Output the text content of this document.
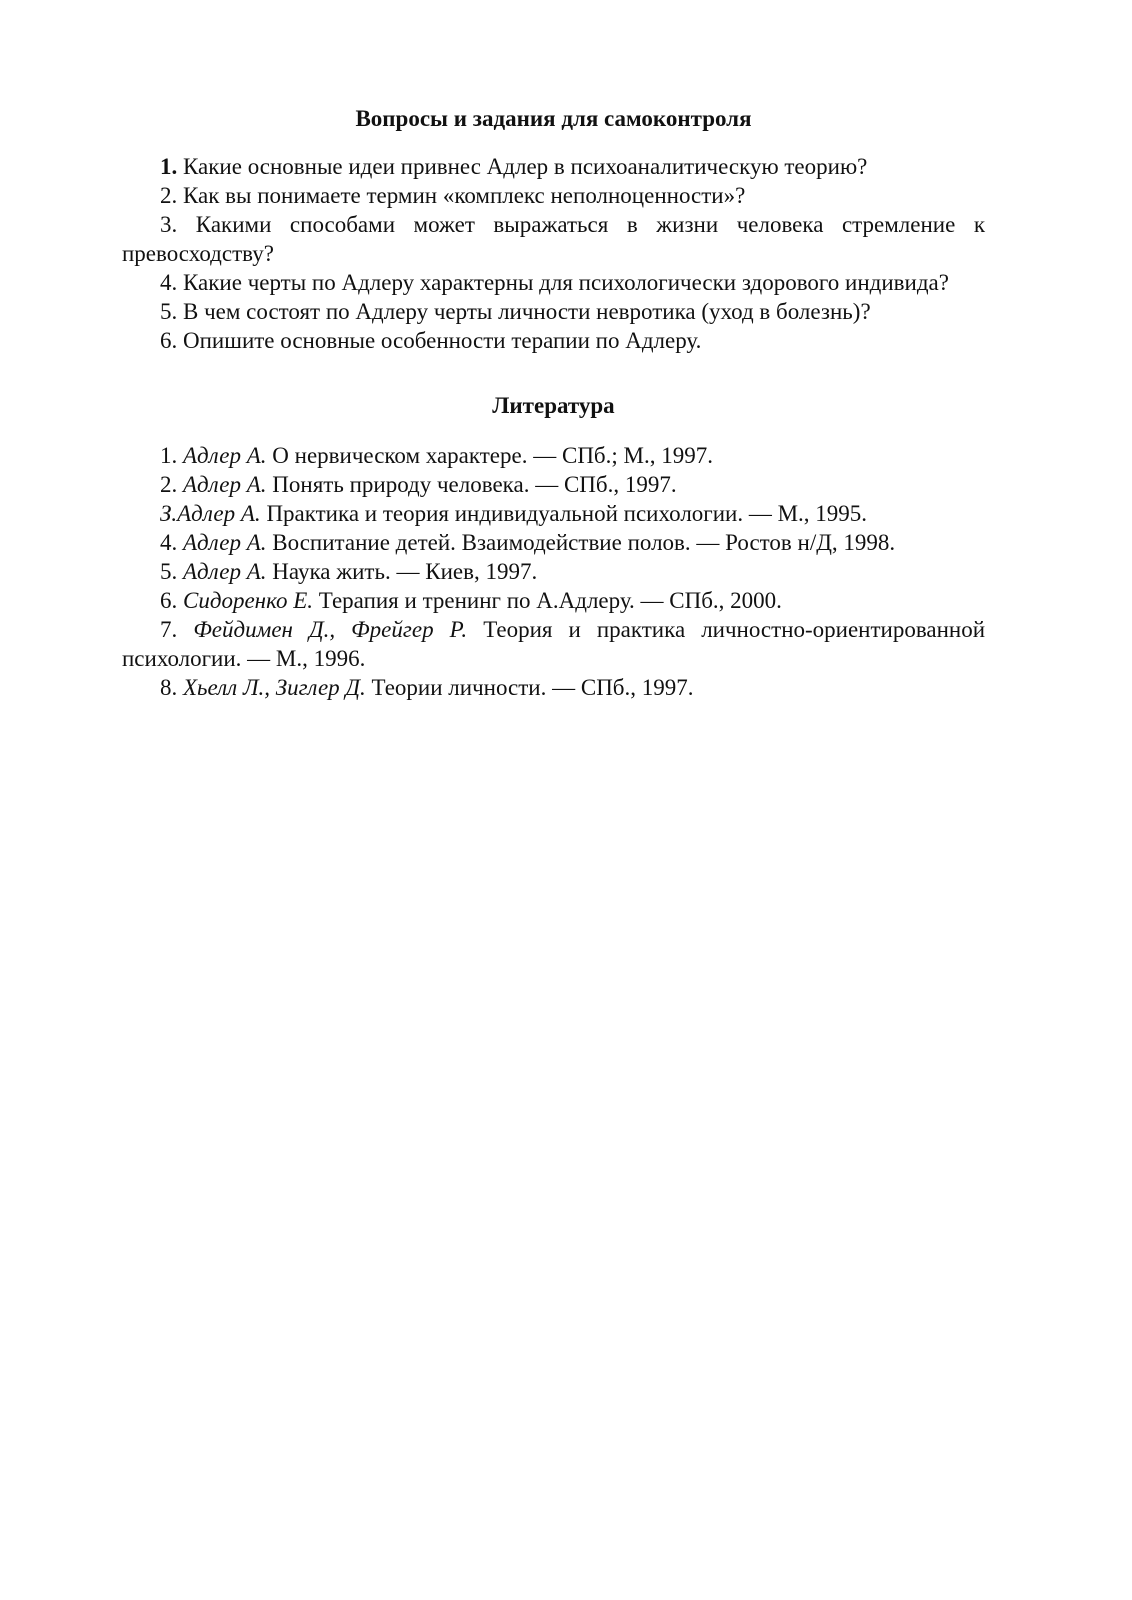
Вопросы и задания для самоконтроля

1. Какие основные идеи привнес Адлер в психоаналитическую теорию?

2. Как вы понимаете термин «комплекс неполноценности»?

3. Какими способами может выражаться в жизни человека стремление к превосходству?

4. Какие черты по Адлеру характерны для психологически здорового индивида?

5. В чем состоят по Адлеру черты личности невротика (уход в болезнь)?

6. Опишите основные особенности терапии по Адлеру.

Литература

1. Адлер А. О нервическом характере. — СПб.; М., 1997.

2. Адлер А. Понять природу человека. — СПб., 1997.

З.Адлер А. Практика и теория индивидуальной психологии. — М., 1995.

4. Адлер А. Воспитание детей. Взаимодействие полов. — Ростов н/Д, 1998.

5. Адлер А. Наука жить. — Киев, 1997.

6. Сидоренко Е. Терапия и тренинг по А.Адлеру. — СПб., 2000.

7. Фейдимен Д., Фрейгер Р. Теория и практика личностно-ориентированной психологии. — М., 1996.

8. Хьелл Л., Зиглер Д. Теории личности. — СПб., 1997.
